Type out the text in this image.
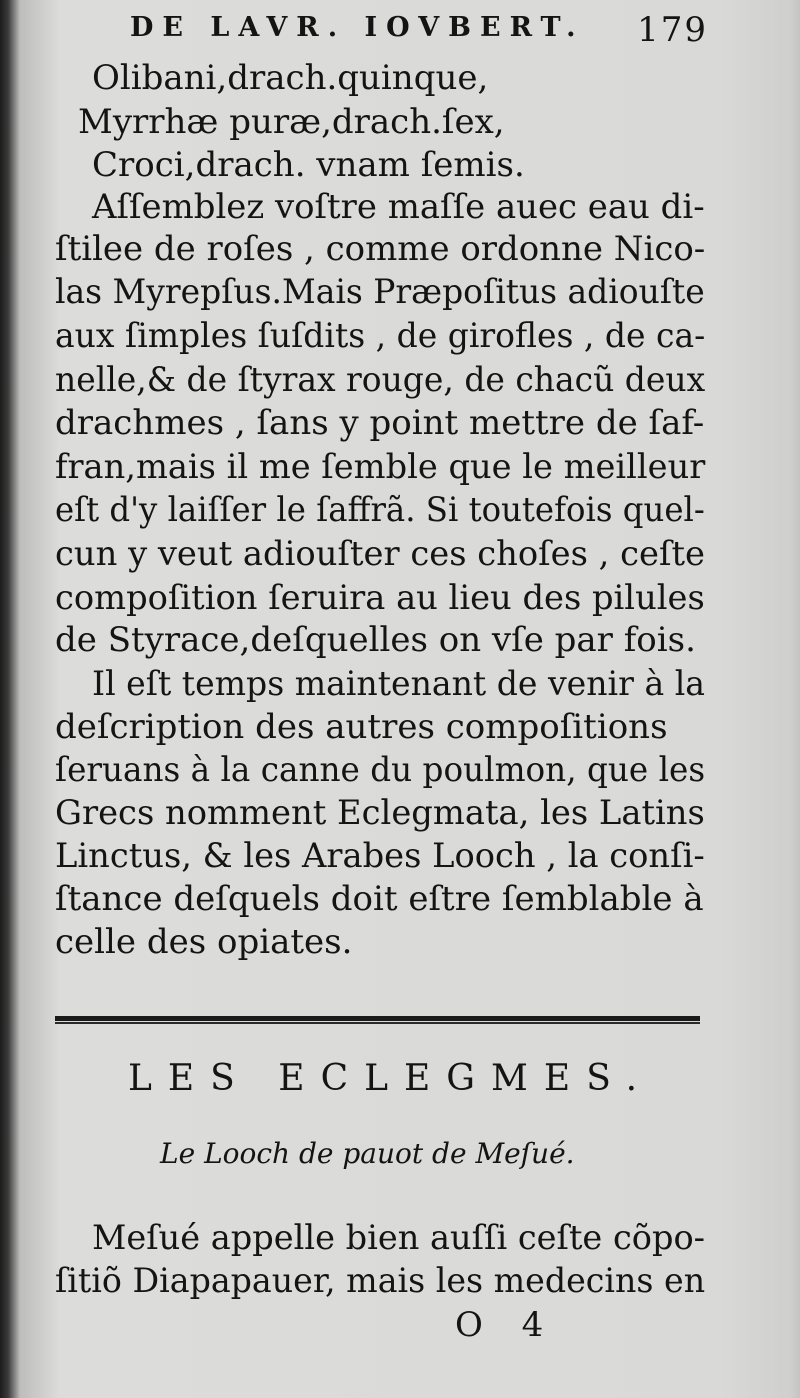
DE LAVR. IOVBERT. 179
Olibani,drach.quinque,
Myrrhæ puræ,drach.ſex,
Croci,drach. vnam ſemis.
Aſſemblez voſtre maſſe auec eau di-
ſtilee de roſes , comme ordonne Nico-
las Myrepſus.Mais Præpoſitus adiouſte
aux ſimples ſuſdits , de girofles , de ca-
nelle,& de ſtyrax rouge, de chacũ deux
drachmes , ſans y point mettre de ſaf-
fran,mais il me ſemble que le meilleur
eſt d'y laiſſer le ſaffrã. Si toutefois quel-
cun y veut adiouſter ces choſes , ceſte
compoſition ſeruira au lieu des pilules
de Styrace,deſquelles on vſe par fois.
Il eſt temps maintenant de venir à la
deſcription des autres compoſitions
ſeruans à la canne du poulmon, que les
Grecs nomment Eclegmata, les Latins
Linctus, & les Arabes Looch , la conſi-
ſtance deſquels doit eſtre ſemblable à
celle des opiates.
LES ECLEGMES.
Le Looch de pauot de Meſué.
Meſué appelle bien auſſi ceſte cõpo-
ſitiõ Diapapauer, mais les medecins en
O 4
